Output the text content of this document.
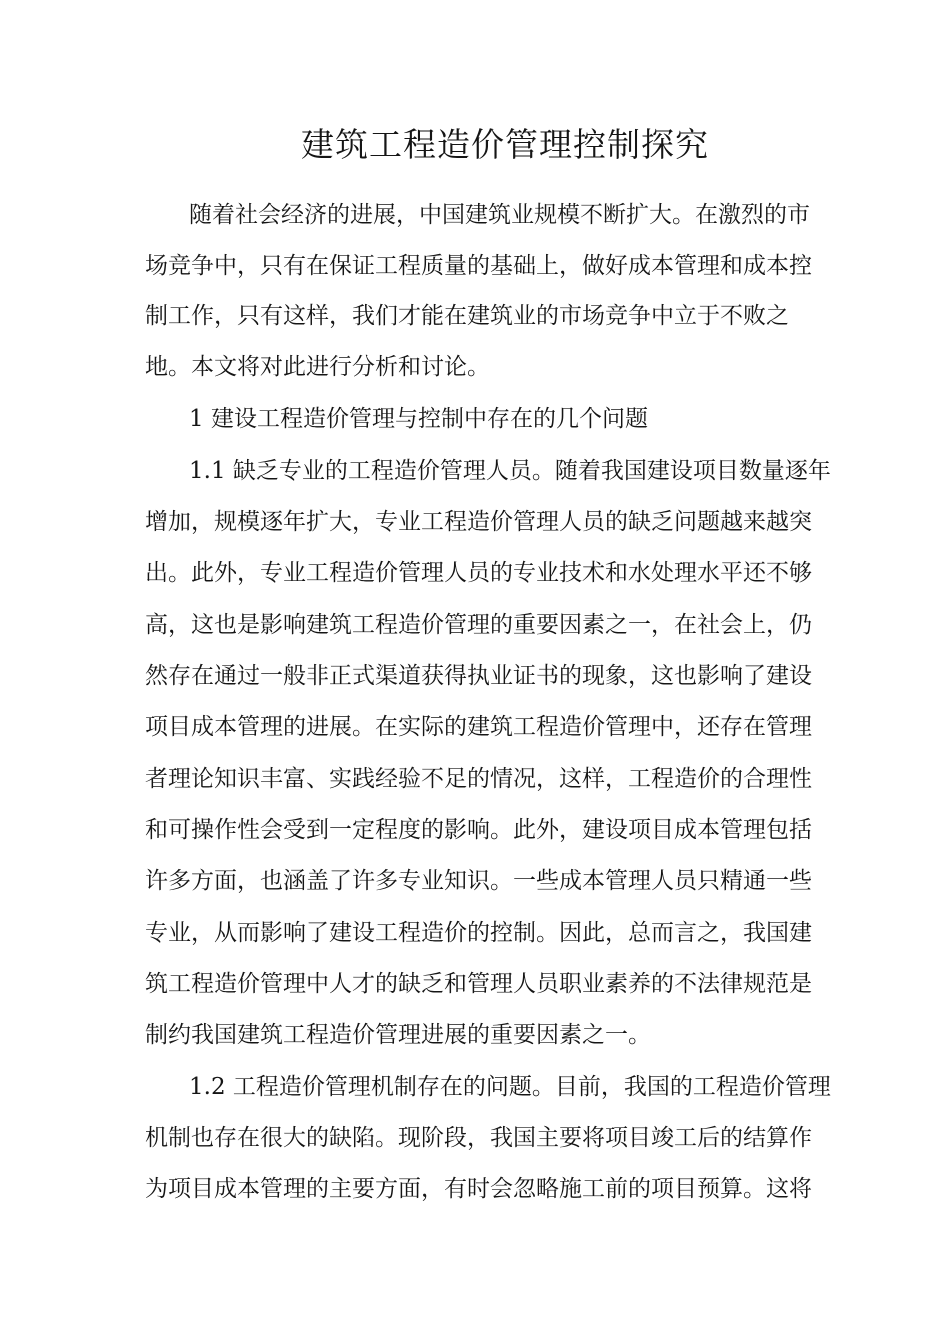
建筑工程造价管理控制探究
随着社会经济的进展，中国建筑业规模不断扩大。在激烈的市
场竞争中，只有在保证工程质量的基础上，做好成本管理和成本控
制工作，只有这样，我们才能在建筑业的市场竞争中立于不败之
地。本文将对此进行分析和讨论。
1 建设工程造价管理与控制中存在的几个问题
1.1 缺乏专业的工程造价管理人员。随着我国建设项目数量逐年
增加，规模逐年扩大，专业工程造价管理人员的缺乏问题越来越突
出。此外，专业工程造价管理人员的专业技术和水处理水平还不够
高，这也是影响建筑工程造价管理的重要因素之一，在社会上，仍
然存在通过一般非正式渠道获得执业证书的现象，这也影响了建设
项目成本管理的进展。在实际的建筑工程造价管理中，还存在管理
者理论知识丰富、实践经验不足的情况，这样，工程造价的合理性
和可操作性会受到一定程度的影响。此外，建设项目成本管理包括
许多方面，也涵盖了许多专业知识。一些成本管理人员只精通一些
专业，从而影响了建设工程造价的控制。因此，总而言之，我国建
筑工程造价管理中人才的缺乏和管理人员职业素养的不法律规范是
制约我国建筑工程造价管理进展的重要因素之一。
1.2 工程造价管理机制存在的问题。目前，我国的工程造价管理
机制也存在很大的缺陷。现阶段，我国主要将项目竣工后的结算作
为项目成本管理的主要方面，有时会忽略施工前的项目预算。这将
